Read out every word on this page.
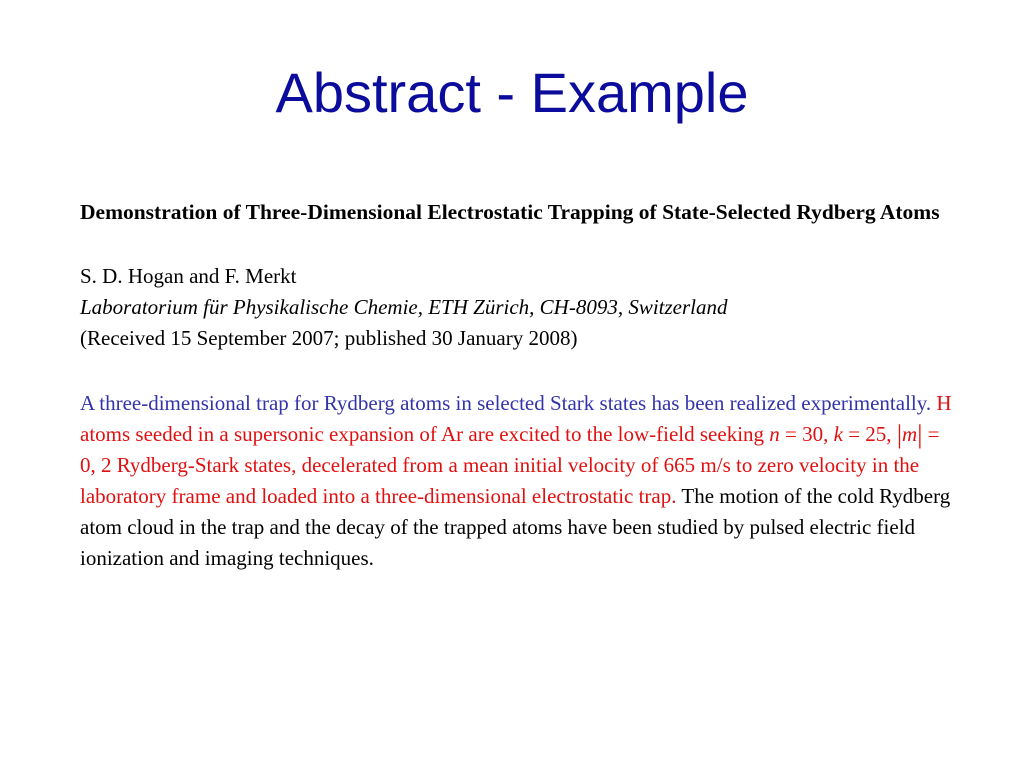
Abstract - Example

Demonstration of Three-Dimensional Electrostatic Trapping of State-Selected Rydberg Atoms

S. D. Hogan and F. Merkt

Laboratorium für Physikalische Chemie, ETH Zürich, CH-8093, Switzerland

(Received 15 September 2007; published 30 January 2008)

A three-dimensional trap for Rydberg atoms in selected Stark states has been realized experimentally. H atoms seeded in a supersonic expansion of Ar are excited to the low-field seeking n = 30, k = 25, |m| = 0, 2 Rydberg-Stark states, decelerated from a mean initial velocity of 665 m/s to zero velocity in the laboratory frame and loaded into a three-dimensional electrostatic trap. The motion of the cold Rydberg atom cloud in the trap and the decay of the trapped atoms have been studied by pulsed electric field ionization and imaging techniques.
